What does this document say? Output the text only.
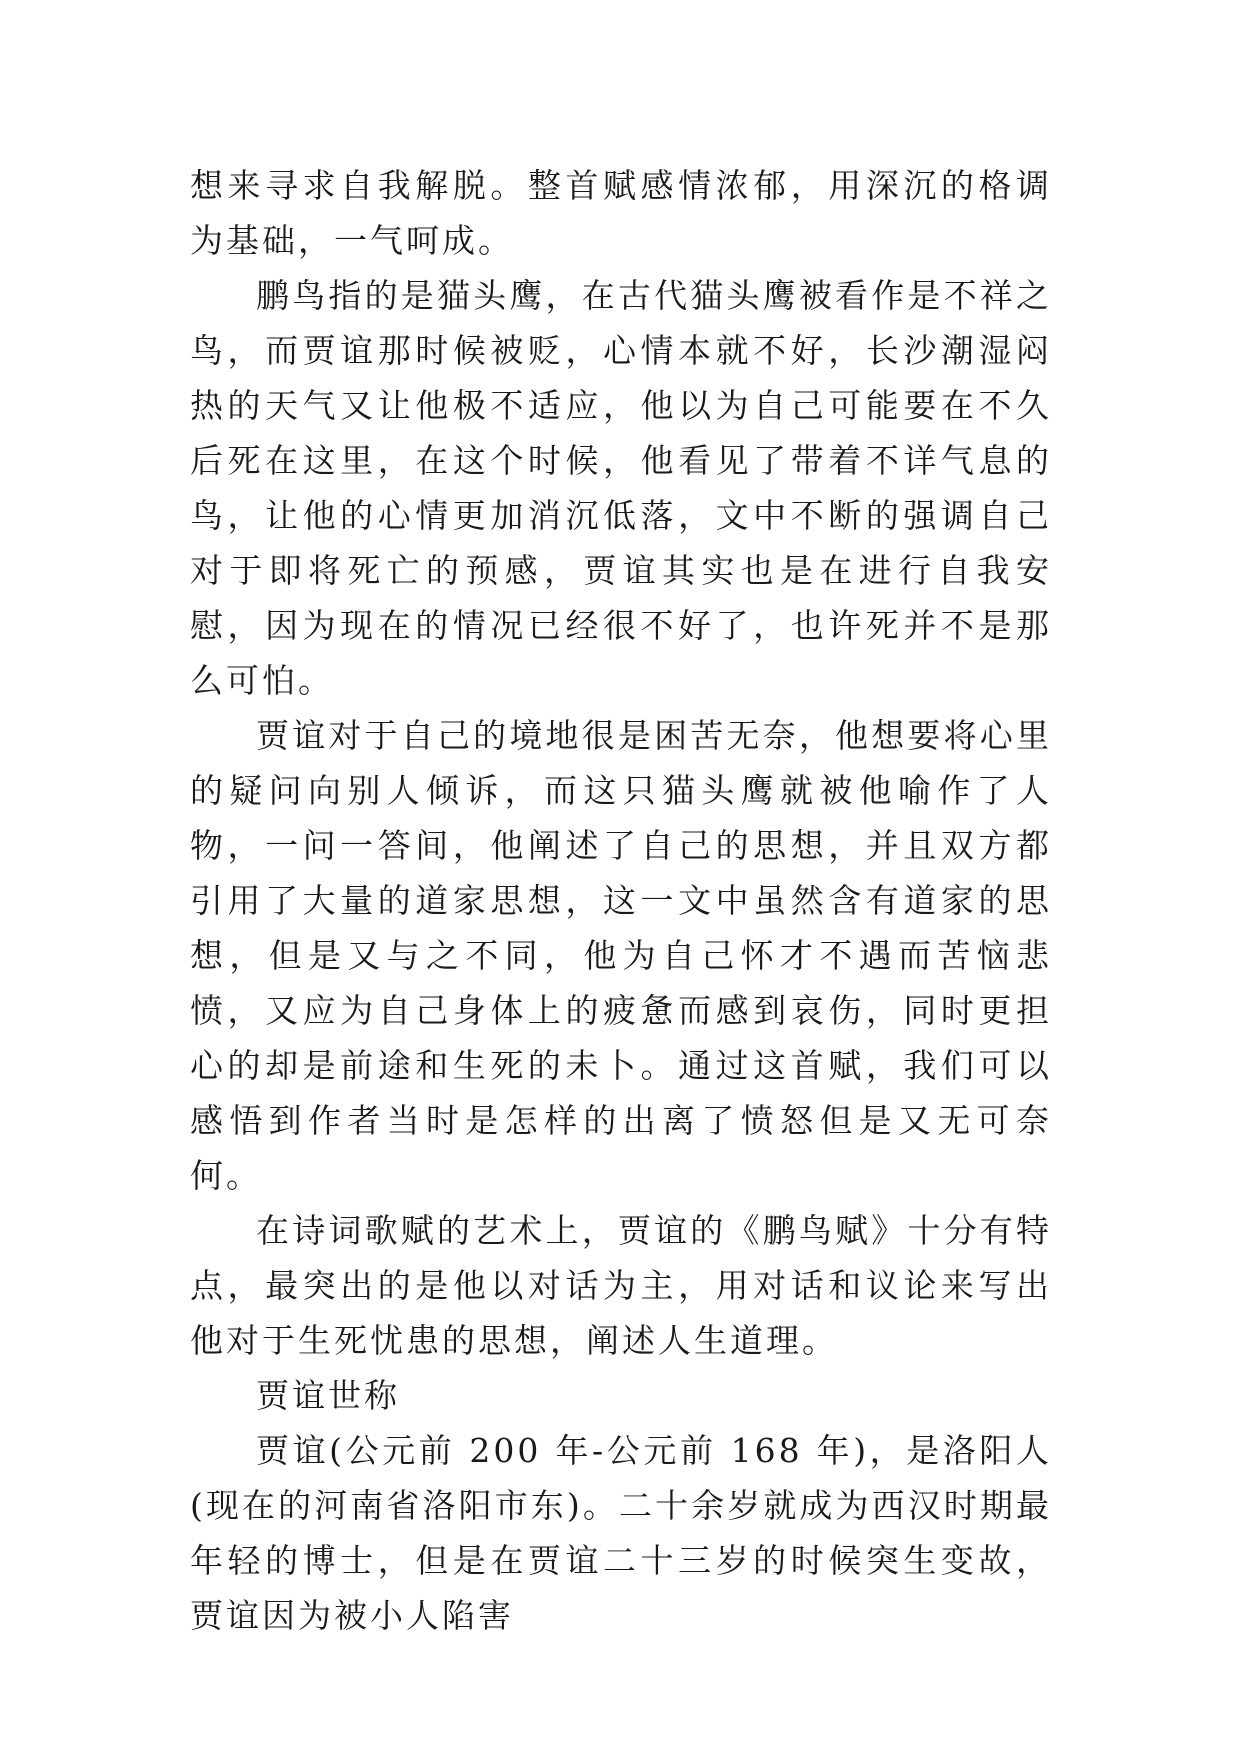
想来寻求自我解脱。整首赋感情浓郁，用深沉的格调为基础，一气呵成。

鹏鸟指的是猫头鹰，在古代猫头鹰被看作是不祥之鸟，而贾谊那时候被贬，心情本就不好，长沙潮湿闷热的天气又让他极不适应，他以为自己可能要在不久后死在这里，在这个时候，他看见了带着不详气息的鸟，让他的心情更加消沉低落，文中不断的强调自己对于即将死亡的预感，贾谊其实也是在进行自我安慰，因为现在的情况已经很不好了，也许死并不是那么可怕。

贾谊对于自己的境地很是困苦无奈，他想要将心里的疑问向别人倾诉，而这只猫头鹰就被他喻作了人物，一问一答间，他阐述了自己的思想，并且双方都引用了大量的道家思想，这一文中虽然含有道家的思想，但是又与之不同，他为自己怀才不遇而苦恼悲愤，又应为自己身体上的疲惫而感到哀伤，同时更担心的却是前途和生死的未卜。通过这首赋，我们可以感悟到作者当时是怎样的出离了愤怒但是又无可奈何。

在诗词歌赋的艺术上，贾谊的《鹏鸟赋》十分有特点，最突出的是他以对话为主，用对话和议论来写出他对于生死忧患的思想，阐述人生道理。

贾谊世称

贾谊(公元前 200 年-公元前 168 年)，是洛阳人(现在的河南省洛阳市东)。二十余岁就成为西汉时期最年轻的博士，但是在贾谊二十三岁的时候突生变故，贾谊因为被小人陷害
